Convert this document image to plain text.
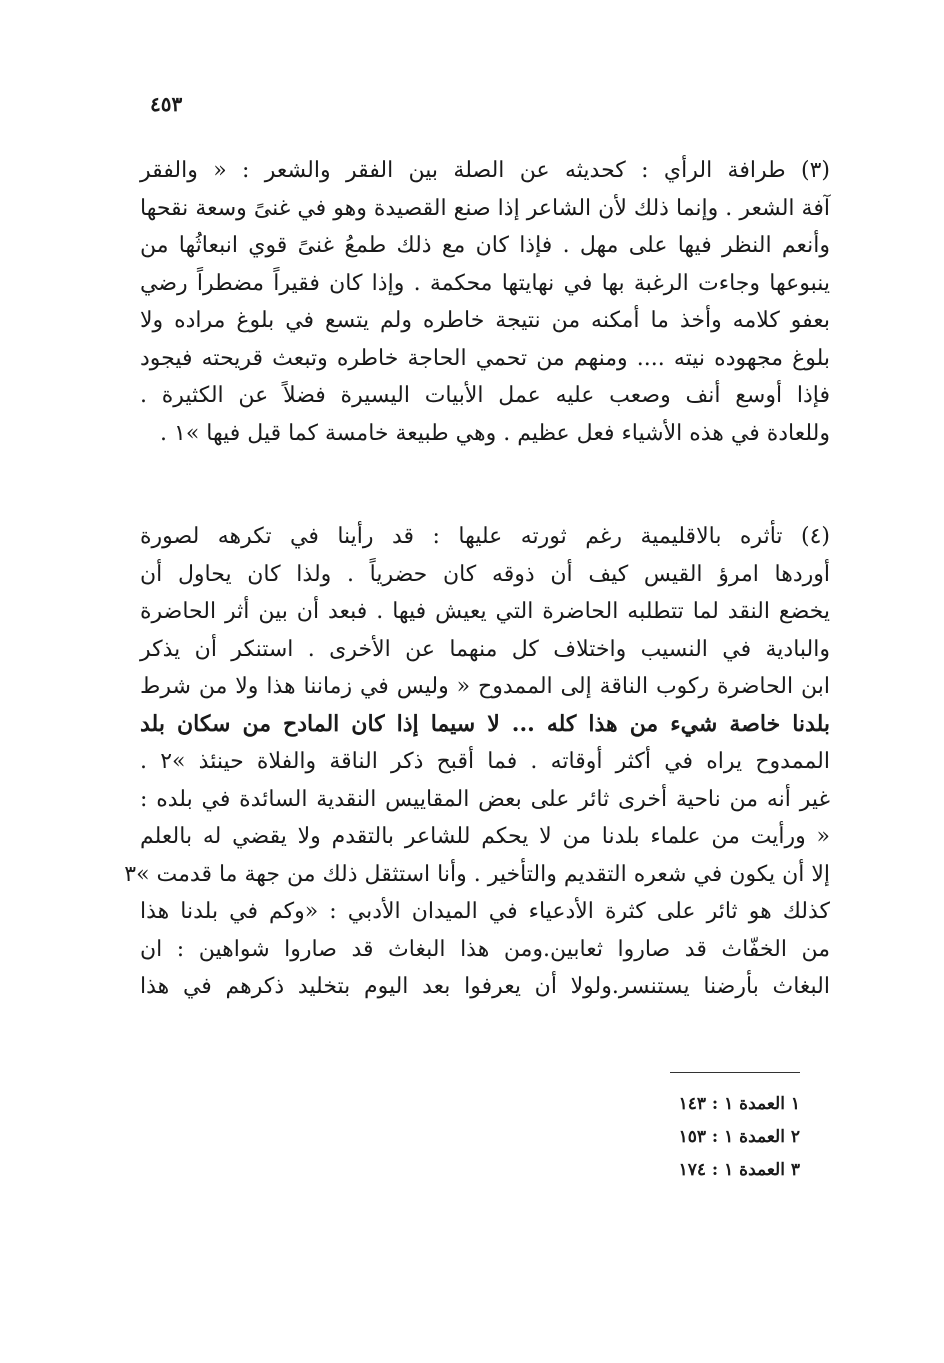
٤٥٣
(٣) طرافة الرأي : كحديثه عن الصلة بين الفقر والشعر : « والفقر
آفة الشعر . وإنما ذلك لأن الشاعر إذا صنع القصيدة وهو في غنىً وسعة نقحها
وأنعم النظر فيها على مهل . فإذا كان مع ذلك طمعُ غنىً قوي انبعاثُها من
ينبوعها وجاءت الرغبة بها في نهايتها محكمة . وإذا كان فقيراً مضطراً رضي
بعفو كلامه وأخذ ما أمكنه من نتيجة خاطره ولم يتسع في بلوغ مراده ولا
بلوغ مجهوده نيته .... ومنهم من تحمي الحاجة خاطره وتبعث قريحته فيجود
فإذا أوسع أنف وصعب عليه عمل الأبيات اليسيرة فضلاً عن الكثيرة .
وللعادة في هذه الأشياء فعل عظيم . وهي طبيعة خامسة كما قيل فيها »١ .
(٤) تأثره بالاقليمية رغم ثورته عليها : قد رأينا في تكرهه لصورة
أوردها امرؤ القيس كيف أن ذوقه كان حضرياً . ولذا كان يحاول أن
يخضع النقد لما تتطلبه الحاضرة التي يعيش فيها . فبعد أن بين أثر الحاضرة
والبادية في النسيب واختلاف كل منهما عن الأخرى . استنكر أن يذكر
ابن الحاضرة ركوب الناقة إلى الممدوح « وليس في زماننا هذا ولا من شرط
بلدنا خاصة شيء من هذا كله ... لا سيما إذا كان المادح من سكان بلد
الممدوح يراه في أكثر أوقاته . فما أقبح ذكر الناقة والفلاة حينئذ »٢ .
غير أنه من ناحية أخرى ثائر على بعض المقاييس النقدية السائدة في بلده :
« ورأيت من علماء بلدنا من لا يحكم للشاعر بالتقدم ولا يقضي له بالعلم
إلا أن يكون في شعره التقديم والتأخير . وأنا استثقل ذلك من جهة ما قدمت »٣
كذلك هو ثائر على كثرة الأدعياء في الميدان الأدبي : «وكم في بلدنا هذا
من الخفّاث قد صاروا ثعابين.ومن هذا البغاث قد صاروا شواهين : ان
البغاث بأرضنا يستنسر.ولولا أن يعرفوا بعد اليوم بتخليد ذكرهم في هذا
١ العمدة ١ : ١٤٣
٢ العمدة ١ : ١٥٣
٣ العمدة ١ : ١٧٤
